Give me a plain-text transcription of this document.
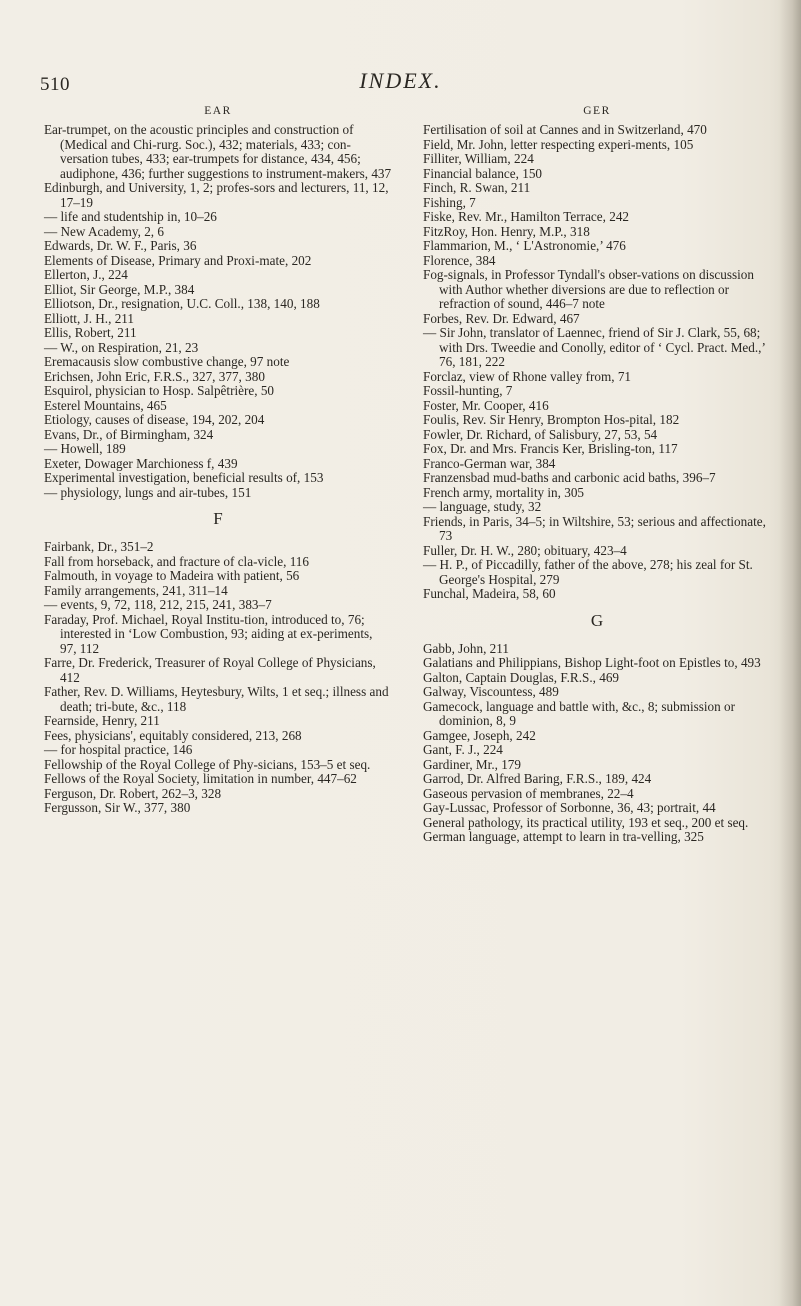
510	INDEX.
EAR

Ear-trumpet, on the acoustic principles and construction of (Medical and Chi-rurg. Soc.), 432; materials, 433; con-versation tubes, 433; ear-trumpets for distance, 434, 456; audiphone, 436; further suggestions to instrument-makers, 437

Edinburgh, and University, 1, 2; profes-sors and lecturers, 11, 12, 17–19

— life and studentship in, 10–26

— New Academy, 2, 6

Edwards, Dr. W. F., Paris, 36

Elements of Disease, Primary and Proxi-mate, 202

Ellerton, J., 224

Elliot, Sir George, M.P., 384

Elliotson, Dr., resignation, U.C. Coll., 138, 140, 188

Elliott, J. H., 211

Ellis, Robert, 211

— W., on Respiration, 21, 23

Eremacausis slow combustive change, 97 note

Erichsen, John Eric, F.R.S., 327, 377, 380

Esquirol, physician to Hosp. Salpêtrière, 50

Esterel Mountains, 465

Etiology, causes of disease, 194, 202, 204

Evans, Dr., of Birmingham, 324

— Howell, 189

Exeter, Dowager Marchioness f, 439

Experimental investigation, beneficial results of, 153

— physiology, lungs and air-tubes, 151

F

Fairbank, Dr., 351–2

Fall from horseback, and fracture of cla-vicle, 116

Falmouth, in voyage to Madeira with patient, 56

Family arrangements, 241, 311–14

— events, 9, 72, 118, 212, 215, 241, 383–7

Faraday, Prof. Michael, Royal Institu-tion, introduced to, 76; interested in ‘Low Combustion, 93; aiding at ex-periments, 97, 112

Farre, Dr. Frederick, Treasurer of Royal College of Physicians, 412

Father, Rev. D. Williams, Heytesbury, Wilts, 1 et seq.; illness and death; tri-bute, &c., 118

Fearnside, Henry, 211

Fees, physicians', equitably considered, 213, 268

— for hospital practice, 146

Fellowship of the Royal College of Phy-sicians, 153–5 et seq.

Fellows of the Royal Society, limitation in number, 447–62

Ferguson, Dr. Robert, 262–3, 328

Fergusson, Sir W., 377, 380

GER

Fertilisation of soil at Cannes and in Switzerland, 470

Field, Mr. John, letter respecting experi-ments, 105

Filliter, William, 224

Financial balance, 150

Finch, R. Swan, 211

Fishing, 7

Fiske, Rev. Mr., Hamilton Terrace, 242

FitzRoy, Hon. Henry, M.P., 318

Flammarion, M., ‘ L'Astronomie,’ 476

Florence, 384

Fog-signals, in Professor Tyndall's obser-vations on discussion with Author whether diversions are due to reflection or refraction of sound, 446–7 note

Forbes, Rev. Dr. Edward, 467

— Sir John, translator of Laennec, friend of Sir J. Clark, 55, 68; with Drs. Tweedie and Conolly, editor of ‘ Cycl. Pract. Med.,’ 76, 181, 222

Forclaz, view of Rhone valley from, 71

Fossil-hunting, 7

Foster, Mr. Cooper, 416

Foulis, Rev. Sir Henry, Brompton Hos-pital, 182

Fowler, Dr. Richard, of Salisbury, 27, 53, 54

Fox, Dr. and Mrs. Francis Ker, Brisling-ton, 117

Franco-German war, 384

Franzensbad mud-baths and carbonic acid baths, 396–7

French army, mortality in, 305

— language, study, 32

Friends, in Paris, 34–5; in Wiltshire, 53; serious and affectionate, 73

Fuller, Dr. H. W., 280; obituary, 423–4

— H. P., of Piccadilly, father of the above, 278; his zeal for St. George's Hospital, 279

Funchal, Madeira, 58, 60

G

Gabb, John, 211

Galatians and Philippians, Bishop Light-foot on Epistles to, 493

Galton, Captain Douglas, F.R.S., 469

Galway, Viscountess, 489

Gamecock, language and battle with, &c., 8; submission or dominion, 8, 9

Gamgee, Joseph, 242

Gant, F. J., 224

Gardiner, Mr., 179

Garrod, Dr. Alfred Baring, F.R.S., 189, 424

Gaseous pervasion of membranes, 22–4

Gay-Lussac, Professor of Sorbonne, 36, 43; portrait, 44

General pathology, its practical utility, 193 et seq., 200 et seq.

German language, attempt to learn in tra-velling, 325
